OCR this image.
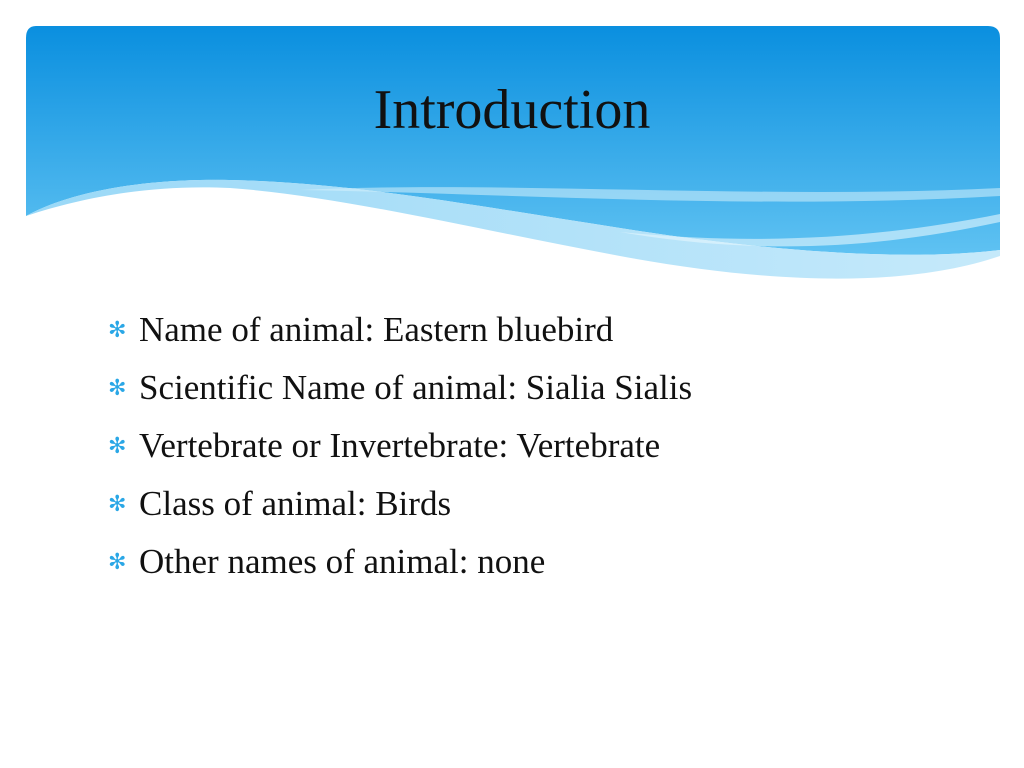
Introduction
✻ Name of animal: Eastern bluebird
✻ Scientific Name of animal: Sialia Sialis
✻ Vertebrate or Invertebrate: Vertebrate
✻ Class of animal: Birds
✻ Other names of animal: none
